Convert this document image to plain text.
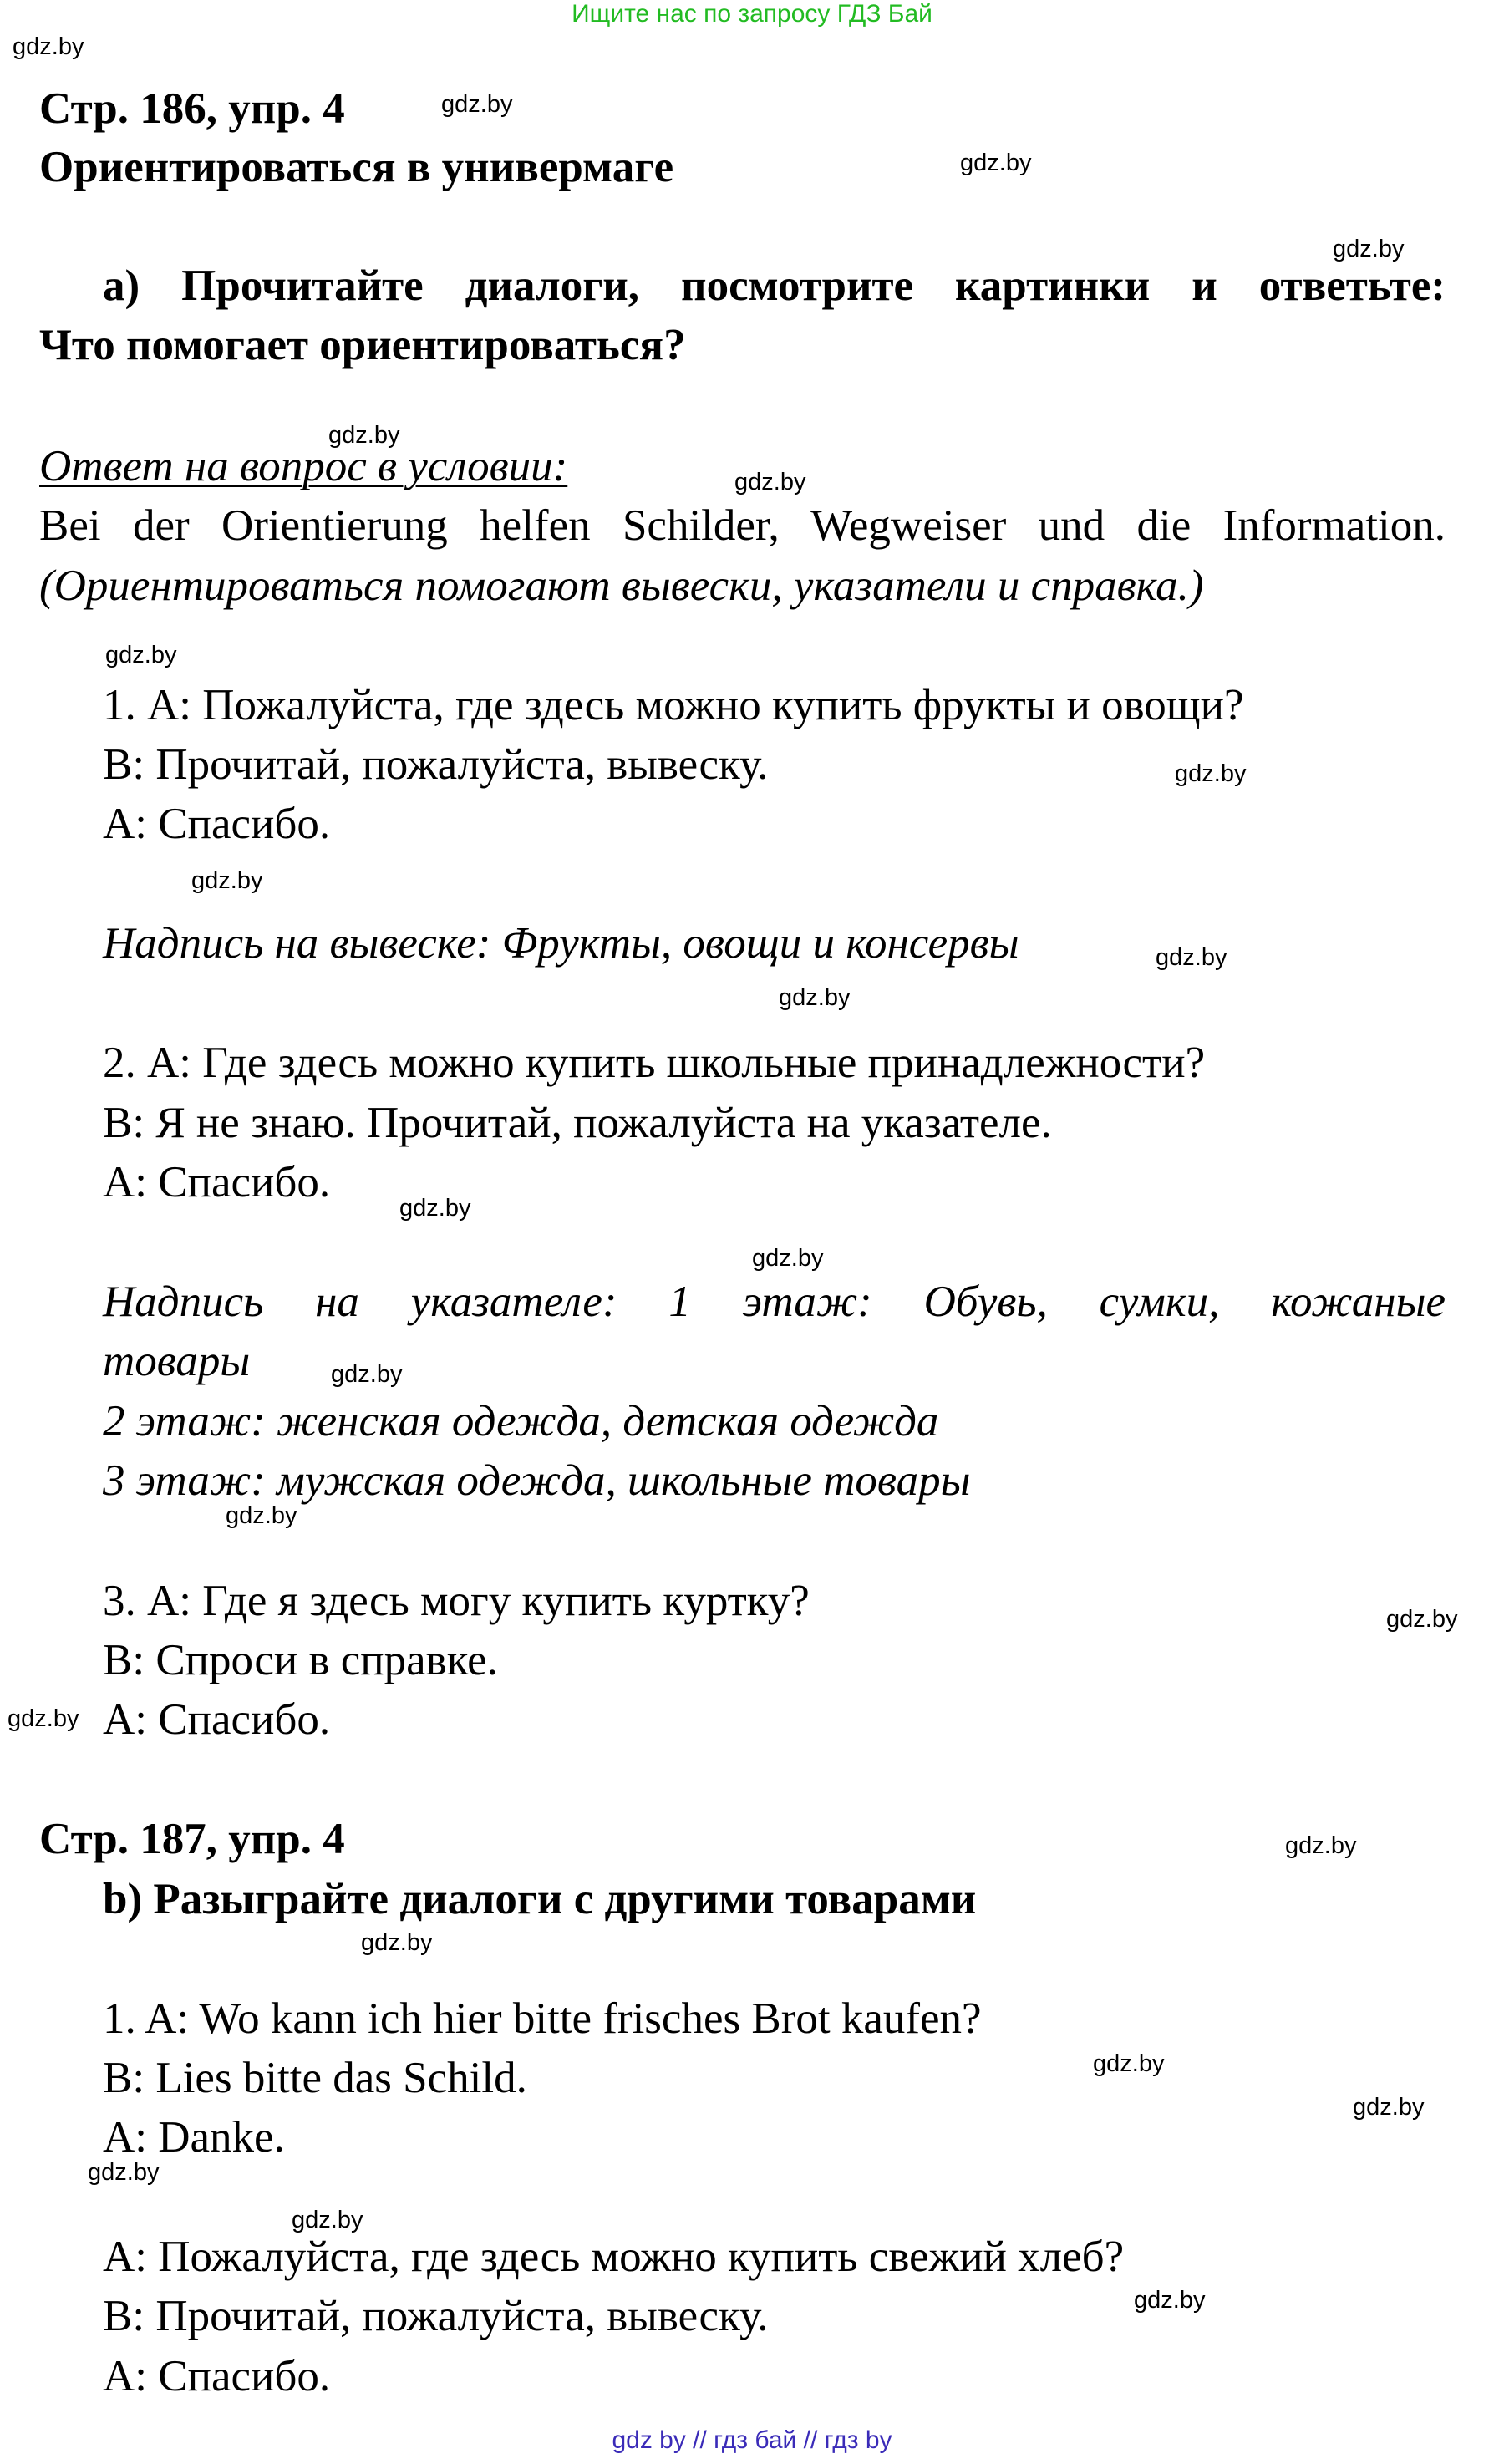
Ищите нас по запросу ГДЗ Бай
Стр. 186, упр. 4
Ориентироваться в универмаге
а) Прочитайте диалоги, посмотрите картинки и ответьте:
Что помогает ориентироваться?
Ответ на вопрос в условии:
Bei der Orientierung helfen Schilder, Wegweiser und die Information.
(Ориентироваться помогают вывески, указатели и справка.)
1. А: Пожалуйста, где здесь можно купить фрукты и овощи?
В: Прочитай, пожалуйста, вывеску.
А: Спасибо.
Надпись на вывеске: Фрукты, овощи и консервы
2. А: Где здесь можно купить школьные принадлежности?
В: Я не знаю. Прочитай, пожалуйста на указателе.
А: Спасибо.
Надпись на указателе: 1 этаж: Обувь, сумки, кожаные
товары
2 этаж: женская одежда, детская одежда
3 этаж: мужская одежда, школьные товары
3. А: Где я здесь могу купить куртку?
В: Спроси в справке.
А: Спасибо.
Стр. 187, упр. 4
b) Разыграйте диалоги с другими товарами
1. A: Wo kann ich hier bitte frisches Brot kaufen?
B: Lies bitte das Schild.
A: Danke.
А: Пожалуйста, где здесь можно купить свежий хлеб?
В: Прочитай, пожалуйста, вывеску.
А: Спасибо.
gdz.by
gdz.by
gdz.by
gdz.by
gdz.by
gdz.by
gdz.by
gdz.by
gdz.by
gdz.by
gdz.by
gdz.by
gdz.by
gdz.by
gdz.by
gdz.by
gdz.by
gdz.by
gdz.by
gdz.by
gdz.by
gdz.by
gdz.by
gdz.by
gdz by // гдз бай // гдз by
